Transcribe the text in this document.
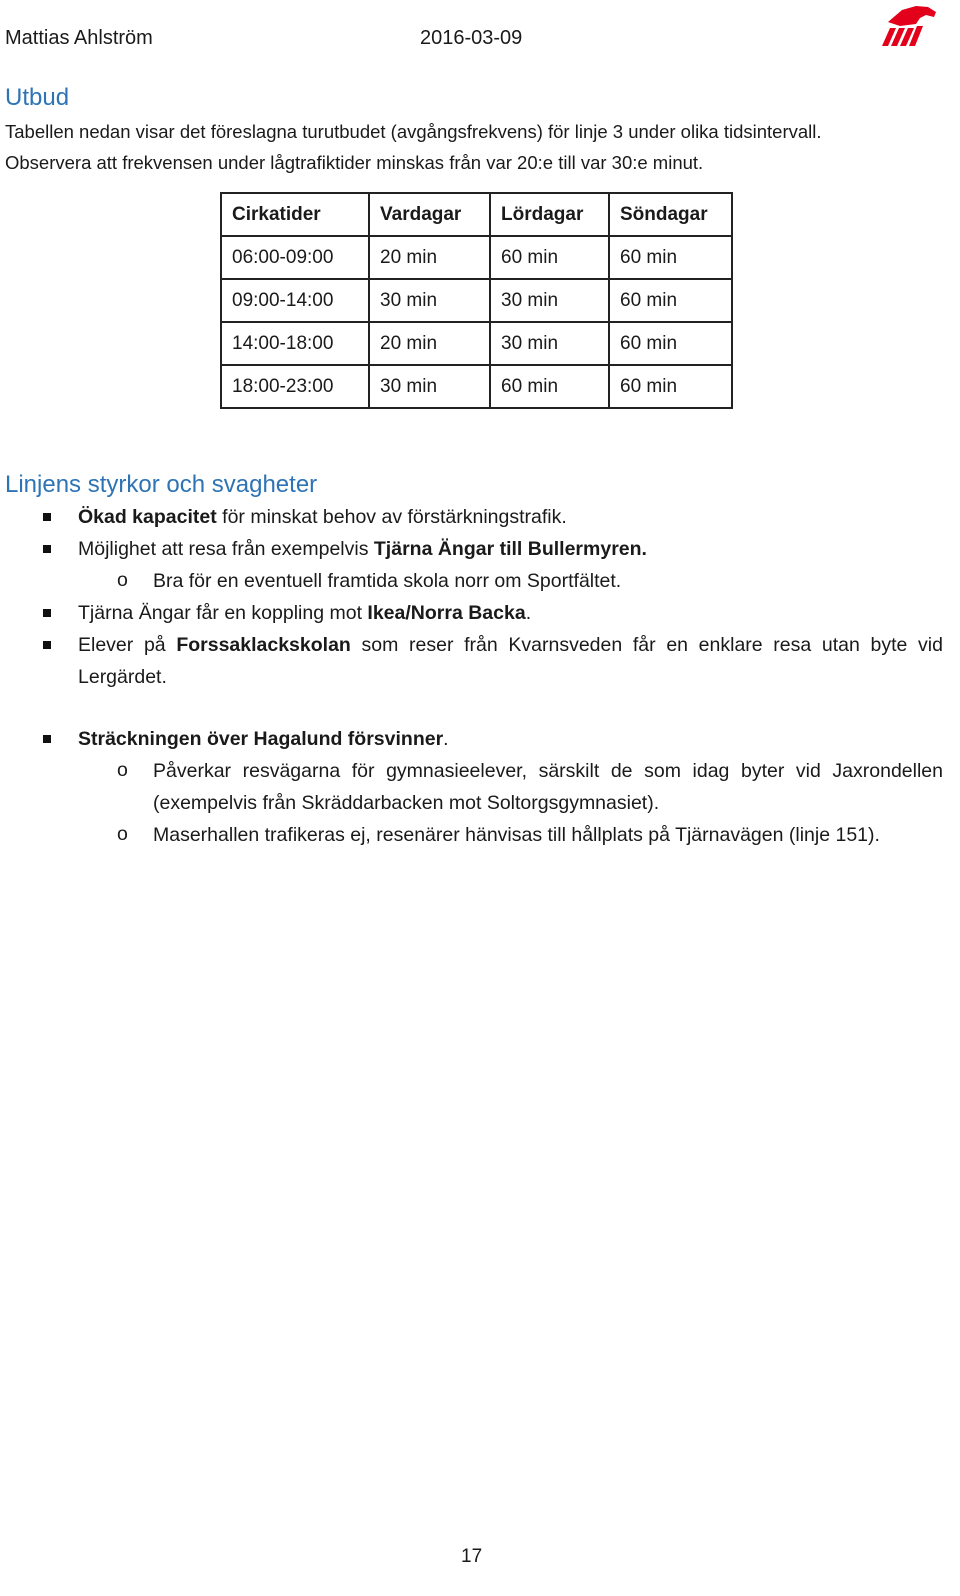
Mattias Ahlström	2016-03-09
Utbud
Tabellen nedan visar det föreslagna turutbudet (avgångsfrekvens) för linje 3 under olika tidsintervall.
Observera att frekvensen under lågtrafiktider minskas från var 20:e till var 30:e minut.
Cirkatider	Vardagar	Lördagar	Söndagar
06:00-09:00	20 min	60 min	60 min
09:00-14:00	30 min	30 min	60 min
14:00-18:00	20 min	30 min	60 min
18:00-23:00	30 min	60 min	60 min
Linjens styrkor och svagheter
Ökad kapacitet för minskat behov av förstärkningstrafik.
Möjlighet att resa från exempelvis Tjärna Ängar till Bullermyren.
o Bra för en eventuell framtida skola norr om Sportfältet.
Tjärna Ängar får en koppling mot Ikea/Norra Backa.
Elever på Forssaklackskolan som reser från Kvarnsveden får en enklare resa utan byte vid Lergärdet.
Sträckningen över Hagalund försvinner.
o Påverkar resvägarna för gymnasieelever, särskilt de som idag byter vid Jaxrondellen (exempelvis från Skräddarbacken mot Soltorgsgymnasiet).
o Maserhallen trafikeras ej, resenärer hänvisas till hållplats på Tjärnavägen (linje 151).
17
